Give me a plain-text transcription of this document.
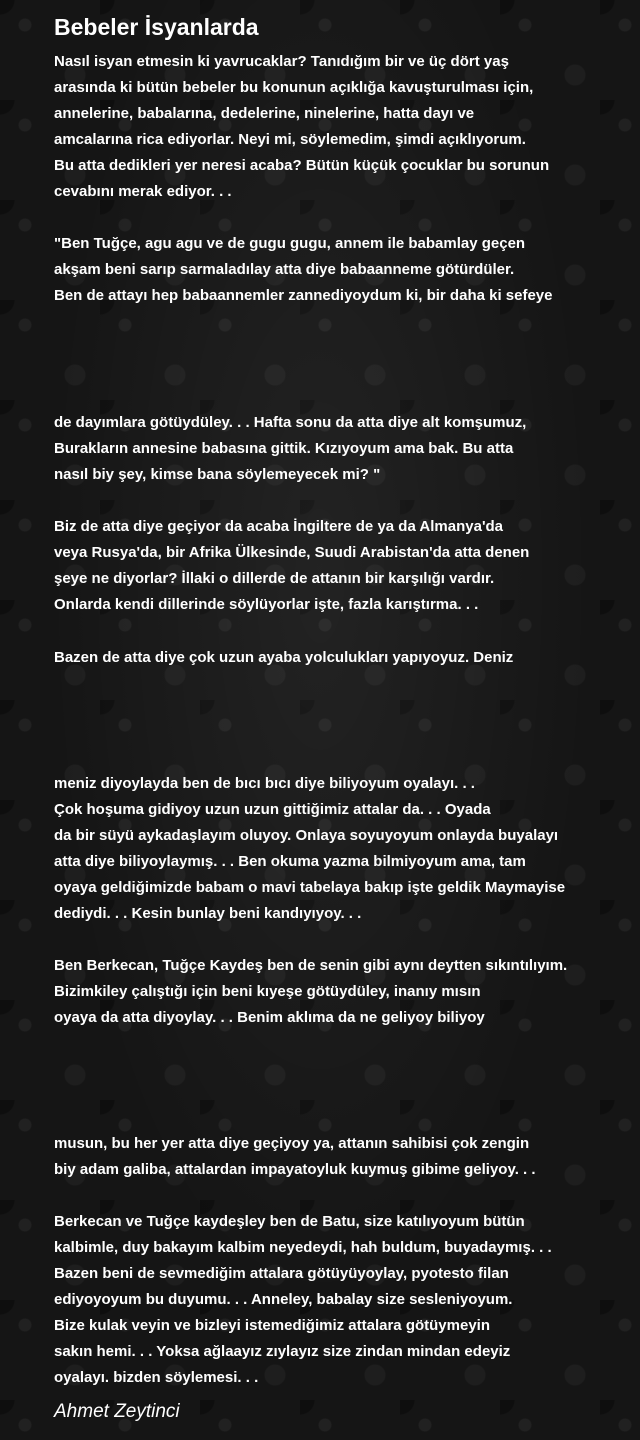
Bebeler İsyanlarda

Nasıl isyan etmesin ki yavrucaklar? Tanıdığım bir ve üç dört yaş

arasında ki bütün bebeler bu konunun açıklığa kavuşturulması için,

annelerine, babalarına, dedelerine, ninelerine, hatta dayı ve

amcalarına rica ediyorlar. Neyi mi, söylemedim, şimdi açıklıyorum.

Bu atta dedikleri yer neresi acaba? Bütün küçük çocuklar bu sorunun

cevabını merak ediyor. . .

"Ben Tuğçe, agu agu ve de gugu gugu, annem ile babamlay geçen

akşam beni sarıp sarmaladılay atta diye babaanneme götürdüler.

Ben de attayı hep babaannemler zannediyoydum ki, bir daha ki sefeye

de dayımlara götüydüley. . . Hafta sonu da atta diye alt komşumuz,

Burakların annesine babasına gittik. Kızıyoyum ama bak. Bu atta

nasıl biy şey, kimse bana söylemeyecek mi? "

Biz de atta diye geçiyor da acaba İngiltere de ya da Almanya'da

veya Rusya'da, bir Afrika Ülkesinde, Suudi Arabistan'da atta denen

şeye ne diyorlar? İllaki o dillerde de attanın bir karşılığı vardır.

Onlarda kendi dillerinde söylüyorlar işte, fazla karıştırma. . .

Bazen de atta diye çok uzun ayaba yolculukları yapıyoyuz. Deniz

meniz diyoylayda ben de bıcı bıcı diye biliyoyum oyalayı. . .

Çok hoşuma gidiyoy uzun uzun gittiğimiz attalar da. . . Oyada

da bir süyü aykadaşlayım oluyoy. Onlaya soyuyoyum onlayda buyalayı

atta diye biliyoylaymış. . . Ben okuma yazma bilmiyoyum ama, tam

oyaya geldiğimizde babam o mavi tabelaya bakıp işte geldik Maymayise

dediydi. . . Kesin bunlay beni kandıyıyoy. . .

Ben Berkecan, Tuğçe Kaydeş ben de senin gibi aynı deytten sıkıntılıyım.

Bizimkiley çalıştığı için beni kıyeşe götüydüley, inanıy mısın

oyaya da atta diyoylay. . . Benim aklıma da ne geliyoy biliyoy

musun, bu her yer atta diye geçiyoy ya, attanın sahibisi çok zengin

biy adam galiba, attalardan impayatoyluk kuymuş gibime geliyoy. . .

Berkecan ve Tuğçe kaydeşley ben de Batu, size katılıyoyum bütün

kalbimle, duy bakayım kalbim neyedeydi, hah buldum, buyadaymış. . .

Bazen beni de sevmediğim attalara götüyüyoylay, pyotesto filan

ediyoyoyum bu duyumu. . . Anneley, babalay size sesleniyoyum.

Bize kulak veyin ve bizleyi istemediğimiz attalara götüymeyin

sakın hemi. . . Yoksa ağlaayız zıylayız size zindan mindan edeyiz

oyalayı. bizden söylemesi. . .

Ahmet Zeytinci
